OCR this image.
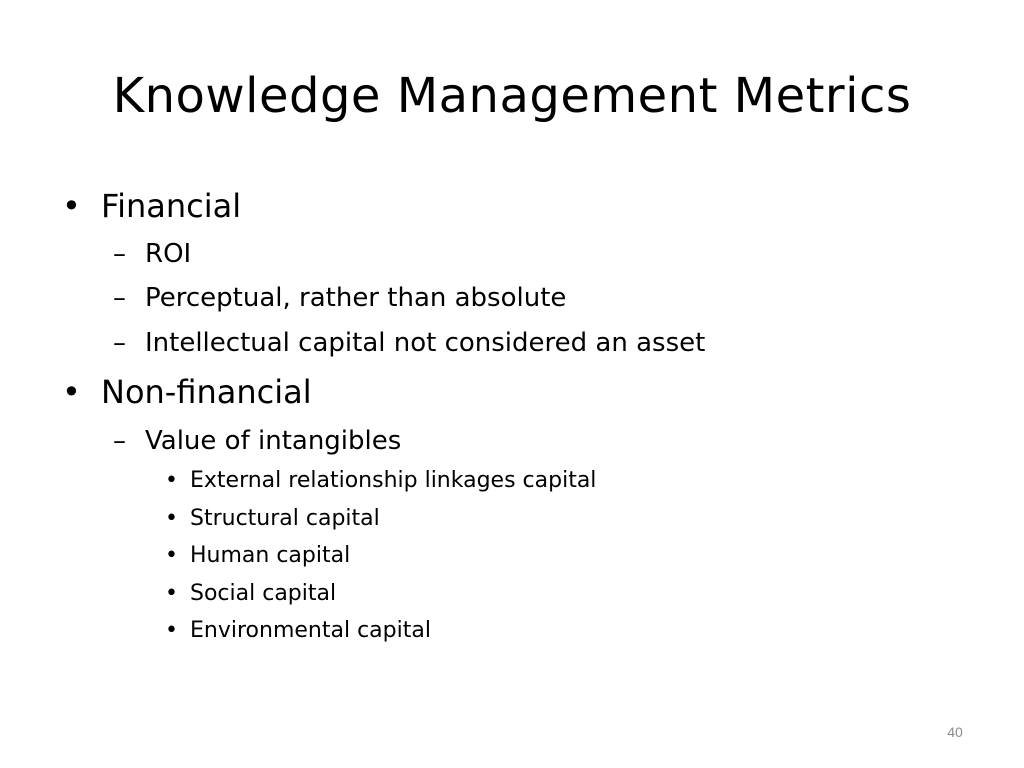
Knowledge Management Metrics
• Financial
– ROI
– Perceptual, rather than absolute
– Intellectual capital not considered an asset
• Non-financial
– Value of intangibles
• External relationship linkages capital
• Structural capital
• Human capital
• Social capital
• Environmental capital
40
